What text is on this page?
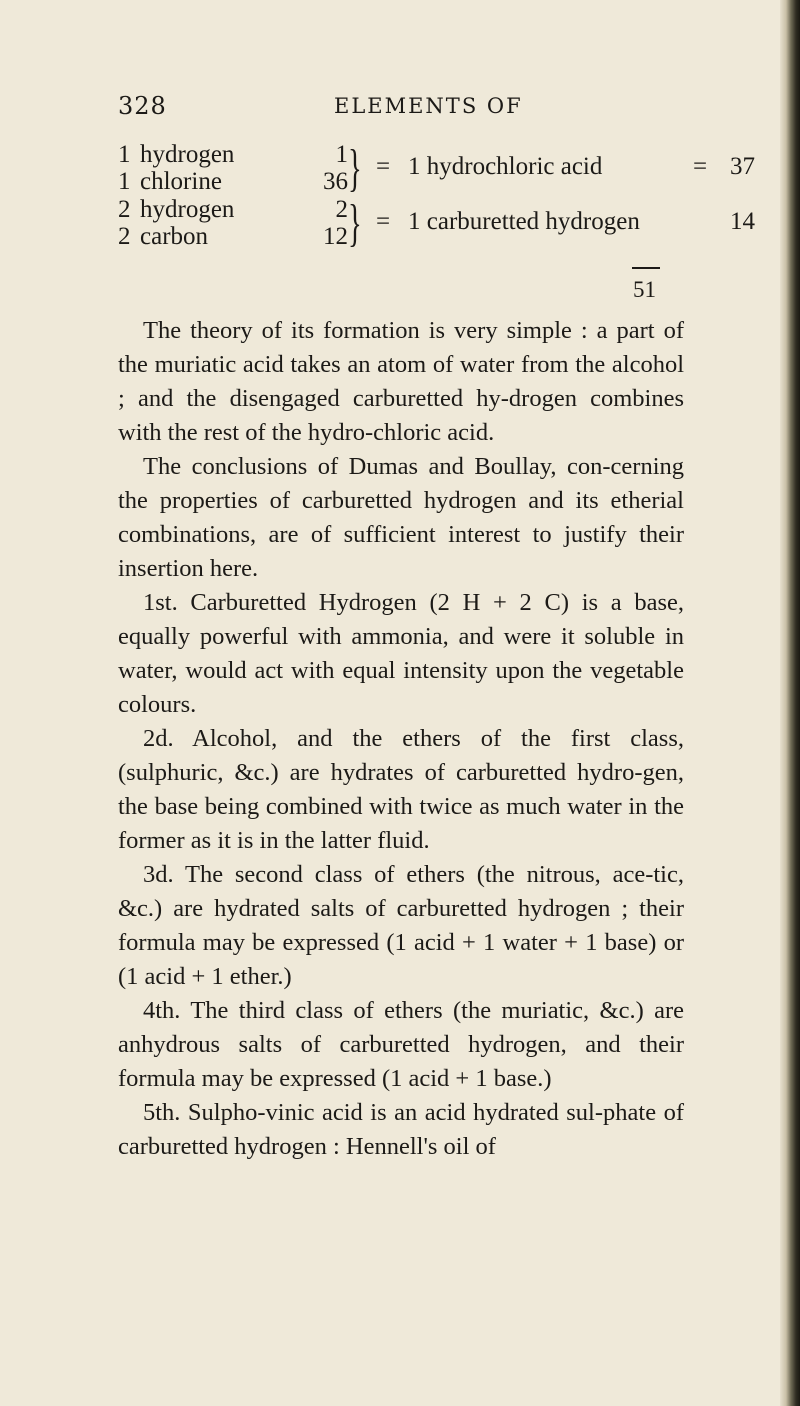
328	ELEMENTS OF
1 hydrogen	1
1 chlorine	36 } = 1 hydrochloric acid	= 37
2 hydrogen	2
2 carbon	12 } = 1 carburetted hydrogen	14
51

The theory of its formation is very simple : a part of the muriatic acid takes an atom of water from the alcohol ; and the disengaged carburetted hy-drogen combines with the rest of the hydro-chloric acid.

The conclusions of Dumas and Boullay, con-cerning the properties of carburetted hydrogen and its etherial combinations, are of sufficient interest to justify their insertion here.

1st. Carburetted Hydrogen (2 H + 2 C) is a base, equally powerful with ammonia, and were it soluble in water, would act with equal intensity upon the vegetable colours.

2d. Alcohol, and the ethers of the first class, (sulphuric, &c.) are hydrates of carburetted hydro-gen, the base being combined with twice as much water in the former as it is in the latter fluid.

3d. The second class of ethers (the nitrous, ace-tic, &c.) are hydrated salts of carburetted hydrogen ; their formula may be expressed (1 acid + 1 water + 1 base) or (1 acid + 1 ether.)

4th. The third class of ethers (the muriatic, &c.) are anhydrous salts of carburetted hydrogen, and their formula may be expressed (1 acid + 1 base.)

5th. Sulpho-vinic acid is an acid hydrated sul-phate of carburetted hydrogen : Hennell's oil of
